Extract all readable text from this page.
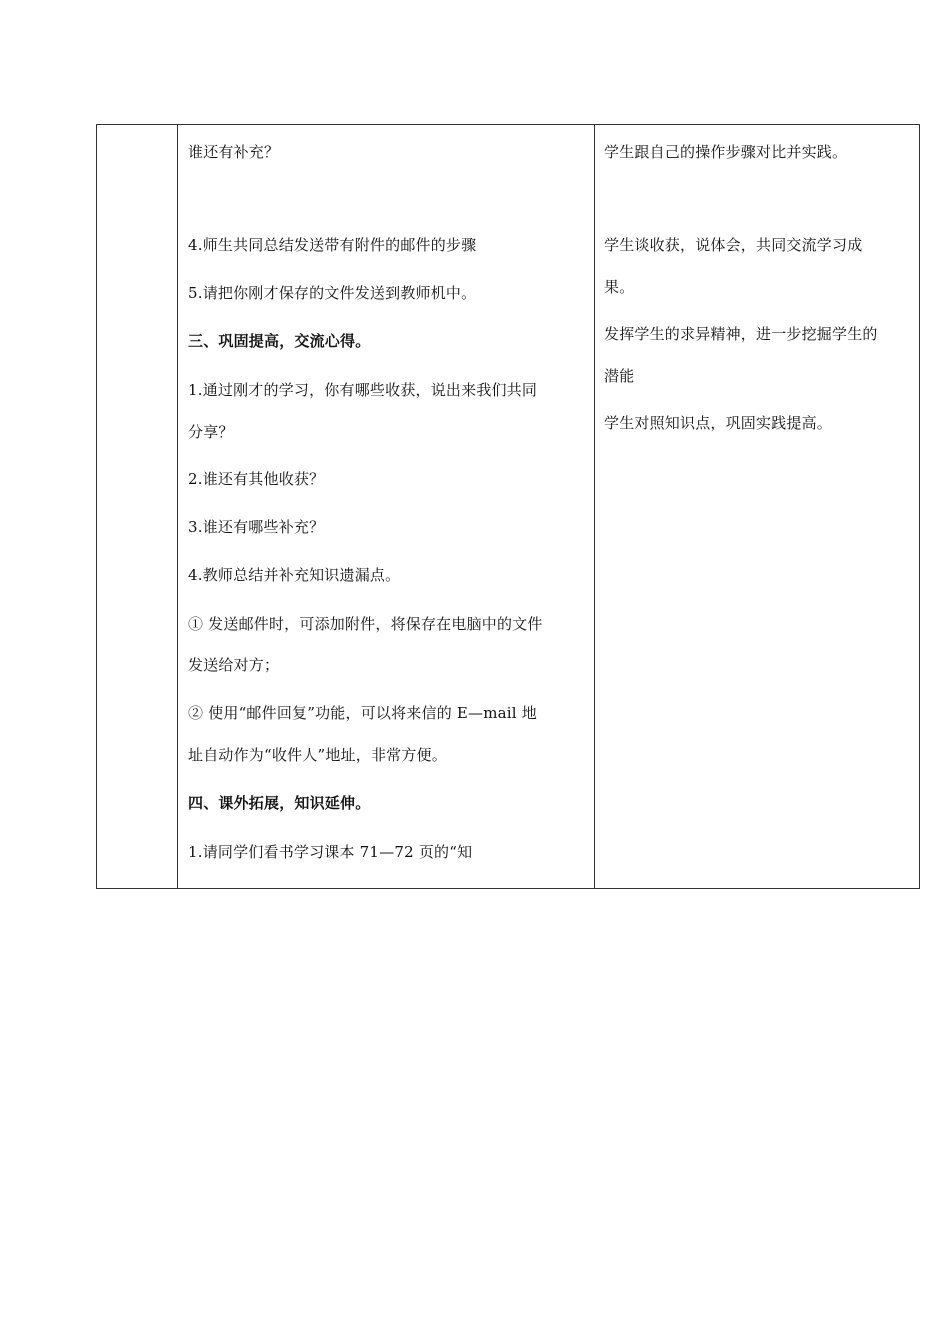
谁还有补充？
4.师生共同总结发送带有附件的邮件的步骤
5.请把你刚才保存的文件发送到教师机中。
三、巩固提高，交流心得。
1.通过刚才的学习，你有哪些收获，说出来我们共同
分享？
2.谁还有其他收获？
3.谁还有哪些补充？
4.教师总结并补充知识遗漏点。
① 发送邮件时，可添加附件，将保存在电脑中的文件
发送给对方；
② 使用“邮件回复”功能，可以将来信的 E—mail 地
址自动作为“收件人”地址，非常方便。
四、课外拓展，知识延伸。
1.请同学们看书学习课本 71—72 页的“知

学生跟自己的操作步骤对比并实践。
学生谈收获，说体会，共同交流学习成
果。
发挥学生的求异精神，进一步挖掘学生的
潜能
学生对照知识点，巩固实践提高。
